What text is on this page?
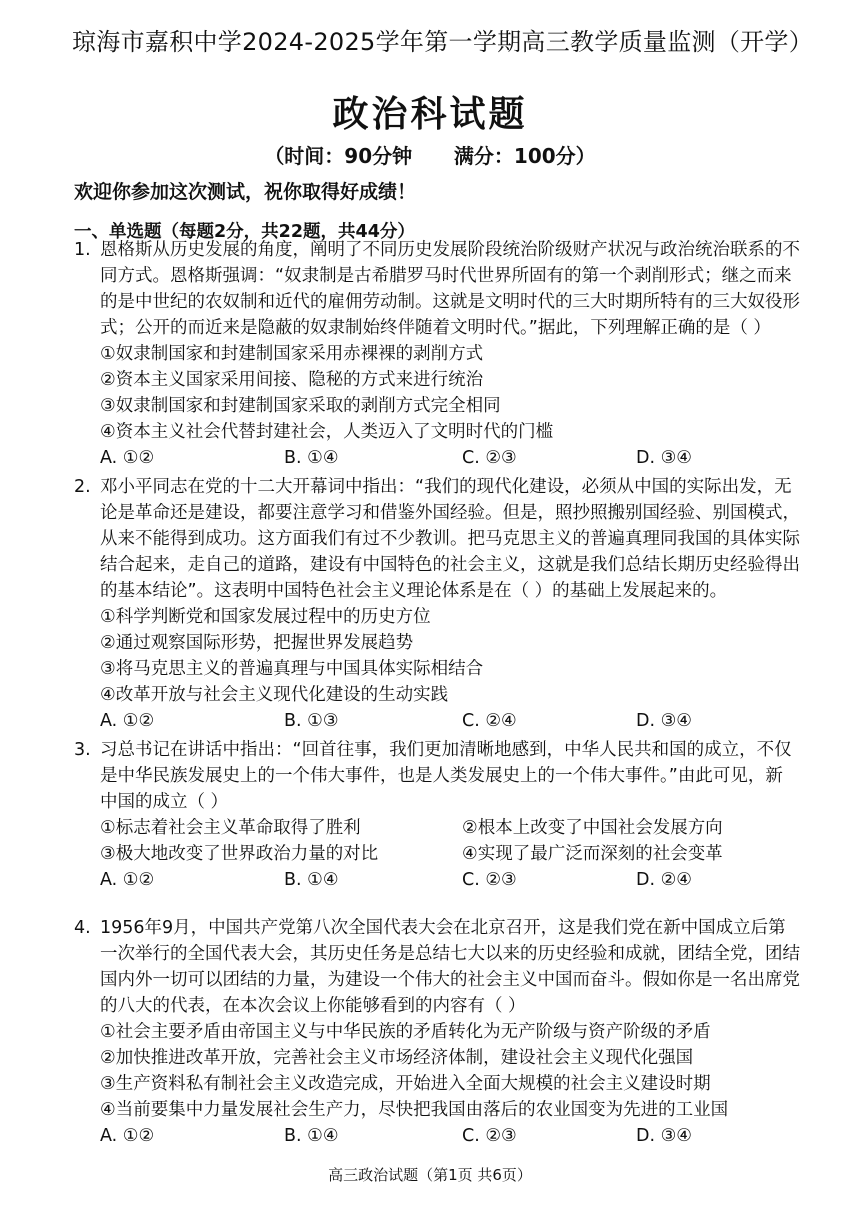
琼海市嘉积中学2024-2025学年第一学期高三教学质量监测（开学）
政治科试题
（时间：90分钟      满分：100分）
欢迎你参加这次测试，祝你取得好成绩！
一、单选题（每题2分，共22题，共44分）
1. 恩格斯从历史发展的角度，阐明了不同历史发展阶段统治阶级财产状况与政治统治联系的不
同方式。恩格斯强调：“奴隶制是古希腊罗马时代世界所固有的第一个剥削形式；继之而来
的是中世纪的农奴制和近代的雇佣劳动制。这就是文明时代的三大时期所特有的三大奴役形
式；公开的而近来是隐蔽的奴隶制始终伴随着文明时代。”据此，下列理解正确的是（ ）
①奴隶制国家和封建制国家采用赤裸裸的剥削方式
②资本主义国家采用间接、隐秘的方式来进行统治
③奴隶制国家和封建制国家采取的剥削方式完全相同
④资本主义社会代替封建社会，人类迈入了文明时代的门槛
A. ①②	B. ①④	C. ②③	D. ③④
2. 邓小平同志在党的十二大开幕词中指出：“我们的现代化建设，必须从中国的实际出发，无
论是革命还是建设，都要注意学习和借鉴外国经验。但是，照抄照搬别国经验、别国模式，
从来不能得到成功。这方面我们有过不少教训。把马克思主义的普遍真理同我国的具体实际
结合起来，走自己的道路，建设有中国特色的社会主义，这就是我们总结长期历史经验得出
的基本结论”。这表明中国特色社会主义理论体系是在（ ）的基础上发展起来的。
①科学判断党和国家发展过程中的历史方位
②通过观察国际形势，把握世界发展趋势
③将马克思主义的普遍真理与中国具体实际相结合
④改革开放与社会主义现代化建设的生动实践
A. ①②	B. ①③	C. ②④	D. ③④
3. 习总书记在讲话中指出：“回首往事，我们更加清晰地感到，中华人民共和国的成立，不仅
是中华民族发展史上的一个伟大事件，也是人类发展史上的一个伟大事件。”由此可见，新
中国的成立（ ）
①标志着社会主义革命取得了胜利	②根本上改变了中国社会发展方向
③极大地改变了世界政治力量的对比	④实现了最广泛而深刻的社会变革
A. ①②	B. ①④	C. ②③	D. ②④
4. 1956年9月，中国共产党第八次全国代表大会在北京召开，这是我们党在新中国成立后第
一次举行的全国代表大会，其历史任务是总结七大以来的历史经验和成就，团结全党，团结
国内外一切可以团结的力量，为建设一个伟大的社会主义中国而奋斗。假如你是一名出席党
的八大的代表，在本次会议上你能够看到的内容有（ ）
①社会主要矛盾由帝国主义与中华民族的矛盾转化为无产阶级与资产阶级的矛盾
②加快推进改革开放，完善社会主义市场经济体制，建设社会主义现代化强国
③生产资料私有制社会主义改造完成，开始进入全面大规模的社会主义建设时期
④当前要集中力量发展社会生产力，尽快把我国由落后的农业国变为先进的工业国
A. ①②	B. ①④	C. ②③	D. ③④
高三政治试题（第1页 共6页）
